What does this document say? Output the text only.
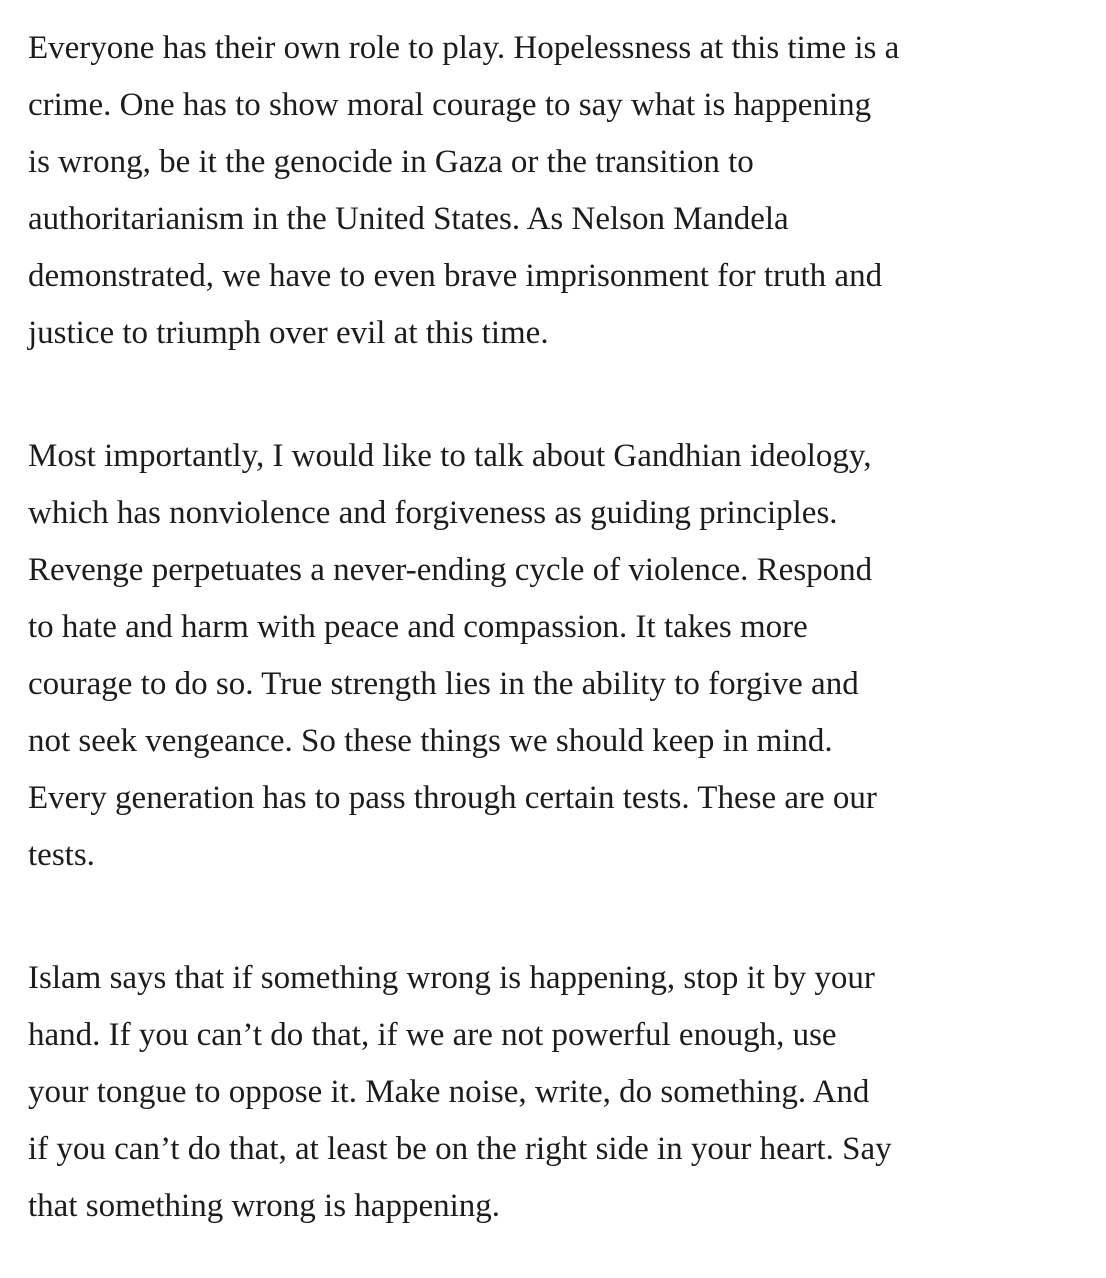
Everyone has their own role to play. Hopelessness at this time is a
crime. One has to show moral courage to say what is happening
is wrong, be it the genocide in Gaza or the transition to
authoritarianism in the United States. As Nelson Mandela
demonstrated, we have to even brave imprisonment for truth and
justice to triumph over evil at this time.

Most importantly, I would like to talk about Gandhian ideology,
which has nonviolence and forgiveness as guiding principles.
Revenge perpetuates a never-ending cycle of violence. Respond
to hate and harm with peace and compassion. It takes more
courage to do so. True strength lies in the ability to forgive and
not seek vengeance. So these things we should keep in mind.
Every generation has to pass through certain tests. These are our
tests.

Islam says that if something wrong is happening, stop it by your
hand. If you can’t do that, if we are not powerful enough, use
your tongue to oppose it. Make noise, write, do something. And
if you can’t do that, at least be on the right side in your heart. Say
that something wrong is happening.
